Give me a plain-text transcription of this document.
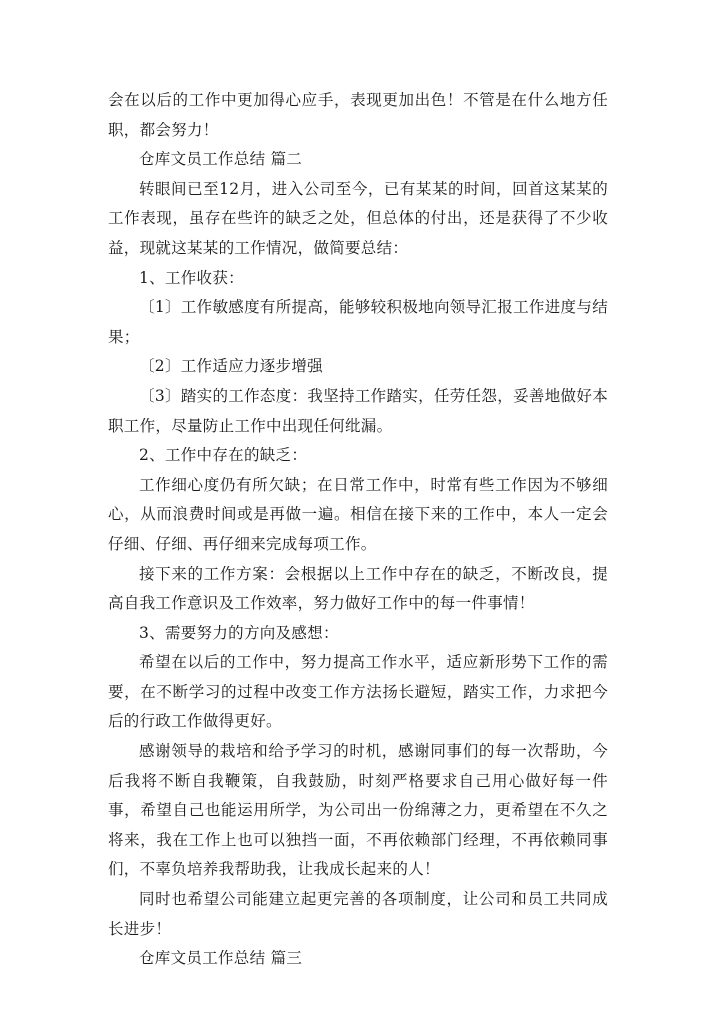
会在以后的工作中更加得心应手，表现更加出色！不管是在什么地方任职，都会努力！

仓库文员工作总结 篇二

转眼间已至12月，进入公司至今，已有某某的时间，回首这某某的工作表现，虽存在些许的缺乏之处，但总体的付出，还是获得了不少收益，现就这某某的工作情况，做简要总结：

1、工作收获：

〔1〕工作敏感度有所提高，能够较积极地向领导汇报工作进度与结果；

〔2〕工作适应力逐步增强

〔3〕踏实的工作态度：我坚持工作踏实，任劳任怨，妥善地做好本职工作，尽量防止工作中出现任何纰漏。

2、工作中存在的缺乏：

工作细心度仍有所欠缺；在日常工作中，时常有些工作因为不够细心，从而浪费时间或是再做一遍。相信在接下来的工作中，本人一定会仔细、仔细、再仔细来完成每项工作。

接下来的工作方案：会根据以上工作中存在的缺乏，不断改良，提高自我工作意识及工作效率，努力做好工作中的每一件事情！

3、需要努力的方向及感想：

希望在以后的工作中，努力提高工作水平，适应新形势下工作的需要，在不断学习的过程中改变工作方法扬长避短，踏实工作，力求把今后的行政工作做得更好。

感谢领导的栽培和给予学习的时机，感谢同事们的每一次帮助，今后我将不断自我鞭策，自我鼓励，时刻严格要求自己用心做好每一件事，希望自己也能运用所学，为公司出一份绵薄之力，更希望在不久之将来，我在工作上也可以独挡一面，不再依赖部门经理，不再依赖同事们，不辜负培养我帮助我，让我成长起来的人！

同时也希望公司能建立起更完善的各项制度，让公司和员工共同成长进步！

仓库文员工作总结 篇三
